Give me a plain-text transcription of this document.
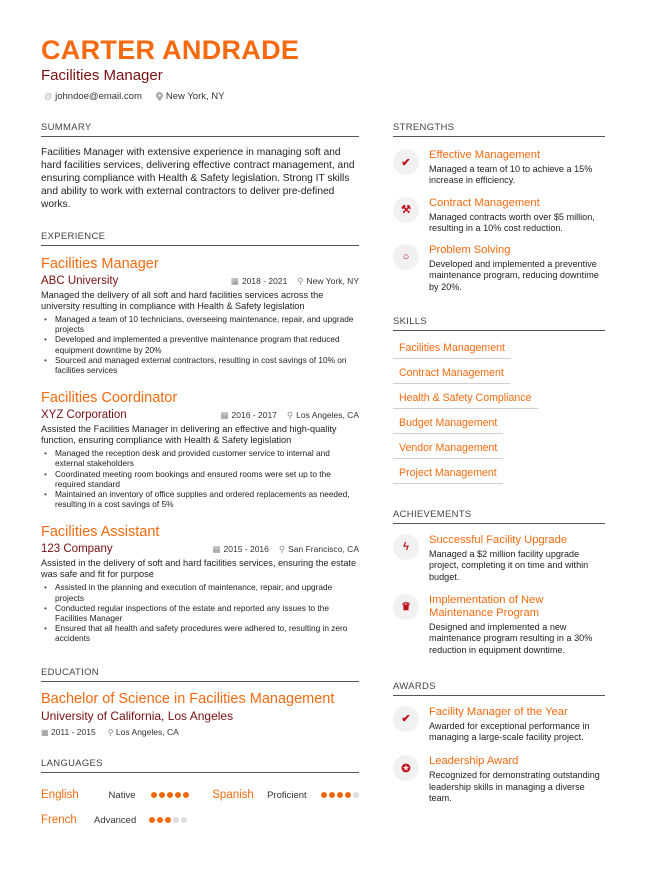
CARTER ANDRADE
Facilities Manager
@ johndoe@email.com	New York, NY
SUMMARY
Facilities Manager with extensive experience in managing soft and hard facilities services, delivering effective contract management, and ensuring compliance with Health & Safety legislation. Strong IT skills and ability to work with external contractors to deliver pre-defined works.
EXPERIENCE
Facilities Manager
ABC University	▦ 2018 - 2021 ⚲ New York, NY
Managed the delivery of all soft and hard facilities services across the university resulting in compliance with Health & Safety legislation
• Managed a team of 10 technicians, overseeing maintenance, repair, and upgrade projects
• Developed and implemented a preventive maintenance program that reduced equipment downtime by 20%
• Sourced and managed external contractors, resulting in cost savings of 10% on facilities services
Facilities Coordinator
XYZ Corporation	▦ 2016 - 2017 ⚲ Los Angeles, CA
Assisted the Facilities Manager in delivering an effective and high-quality function, ensuring compliance with Health & Safety legislation
• Managed the reception desk and provided customer service to internal and external stakeholders
• Coordinated meeting room bookings and ensured rooms were set up to the required standard
• Maintained an inventory of office supplies and ordered replacements as needed, resulting in a cost savings of 5%
Facilities Assistant
123 Company	▦ 2015 - 2016 ⚲ San Francisco, CA
Assisted in the delivery of soft and hard facilities services, ensuring the estate was safe and fit for purpose
• Assisted in the planning and execution of maintenance, repair, and upgrade projects
• Conducted regular inspections of the estate and reported any issues to the Facilities Manager
• Ensured that all health and safety procedures were adhered to, resulting in zero accidents
EDUCATION
Bachelor of Science in Facilities Management
University of California, Los Angeles
▦ 2011 - 2015 ⚲ Los Angeles, CA
LANGUAGES
English	Native	Spanish	Proficient
French	Advanced
STRENGTHS
✔
Effective Management
Managed a team of 10 to achieve a 15% increase in efficiency.
⚒
Contract Management
Managed contracts worth over $5 million, resulting in a 10% cost reduction.
○
Problem Solving
Developed and implemented a preventive maintenance program, reducing downtime by 20%.
SKILLS
Facilities Management
Contract Management
Health & Safety Compliance
Budget Management
Vendor Management
Project Management
ACHIEVEMENTS
ϟ
Successful Facility Upgrade
Managed a $2 million facility upgrade project, completing it on time and within budget.
♛
Implementation of New Maintenance Program
Designed and implemented a new maintenance program resulting in a 30% reduction in equipment downtime.
AWARDS
✔
Facility Manager of the Year
Awarded for exceptional performance in managing a large-scale facility project.
✪
Leadership Award
Recognized for demonstrating outstanding leadership skills in managing a diverse team.
